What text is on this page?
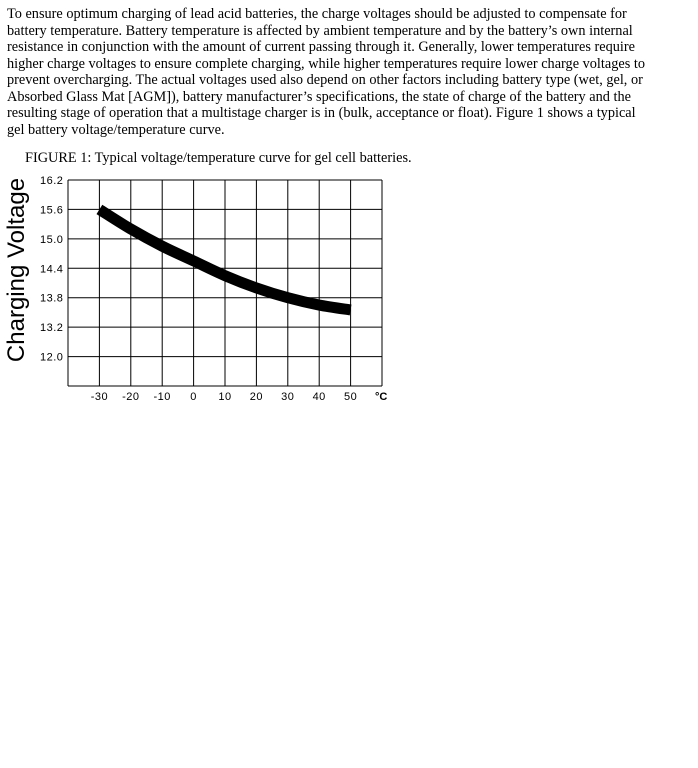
To ensure optimum charging of lead acid batteries, the charge voltages should be adjusted to compensate for
battery temperature. Battery temperature is affected by ambient temperature and by the battery’s own internal
resistance in conjunction with the amount of current passing through it. Generally, lower temperatures require
higher charge voltages to ensure complete charging, while higher temperatures require lower charge voltages to
prevent overcharging. The actual voltages used also depend on other factors including battery type (wet, gel, or
Absorbed Glass Mat [AGM]), battery manufacturer’s specifications, the state of charge of the battery and the
resulting stage of operation that a multistage charger is in (bulk, acceptance or float). Figure 1 shows a typical
gel battery voltage/temperature curve.
FIGURE 1: Typical voltage/temperature curve for gel cell batteries.
16.2
15.6
15.0
14.4
13.8
13.2
12.0
-30 -20 -10 0 10 20 30 40 50 °C
Charging Voltage
